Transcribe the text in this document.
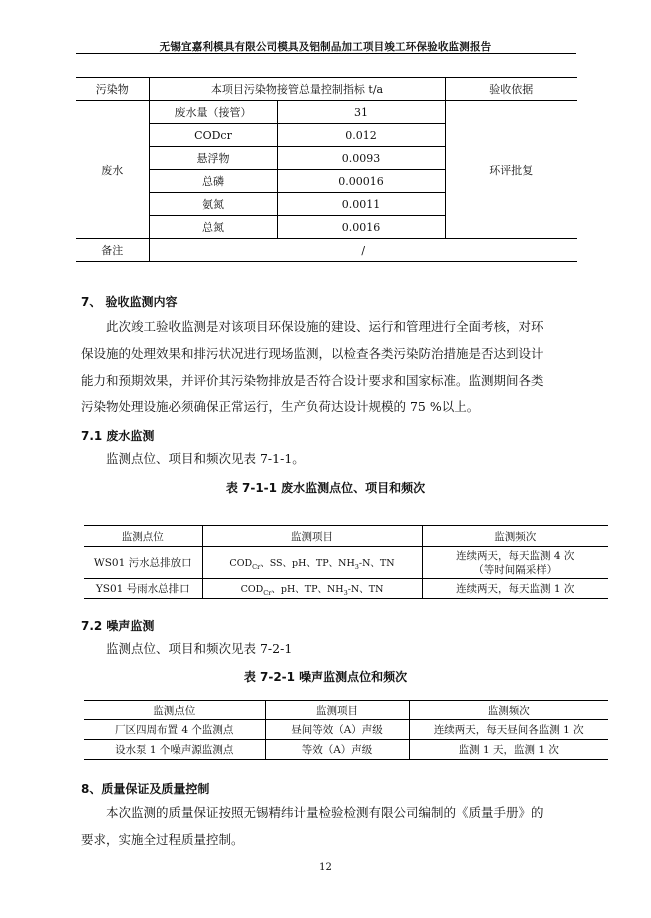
无锡宜嘉利模具有限公司模具及铝制品加工项目竣工环保验收监测报告
污染物	本项目污染物接管总量控制指标 t/a		验收依据
废水	废水量（接管）	31	环评批复
	CODcr	0.012	
	悬浮物	0.0093	
	总磷	0.00016	
	氨氮	0.0011	
	总氮	0.0016	
备注	/		
7、 验收监测内容
此次竣工验收监测是对该项目环保设施的建设、运行和管理进行全面考核，对环
保设施的处理效果和排污状况进行现场监测，以检查各类污染防治措施是否达到设计
能力和预期效果，并评价其污染物排放是否符合设计要求和国家标准。监测期间各类
污染物处理设施必须确保正常运行，生产负荷达设计规模的 75 %以上。
7.1 废水监测
监测点位、项目和频次见表 7-1-1。
表 7-1-1 废水监测点位、项目和频次
监测点位	监测项目	监测频次
WS01 污水总排放口	$COD_{Cr}$、SS、pH、TP、$NH_3-N$、TN	连续两天，每天监测 4 次
（等时间隔采样）

YS01 号雨水总排口	$COD_{Cr}$、pH、TP、$NH_3-N$、TN	连续两天，每天监测 1 次
7.2 噪声监测
监测点位、项目和频次见表 7-2-1
表 7-2-1 噪声监测点位和频次
监测点位	监测项目	监测频次
厂区四周布置 4 个监测点	昼间等效（A）声级	连续两天，每天昼间各监测 1 次
设水泵 1 个噪声源监测点	等效（A）声级	监测 1 天，监测 1 次
8、质量保证及质量控制
本次监测的质量保证按照无锡精纬计量检验检测有限公司编制的《质量手册》的
要求，实施全过程质量控制。
12
